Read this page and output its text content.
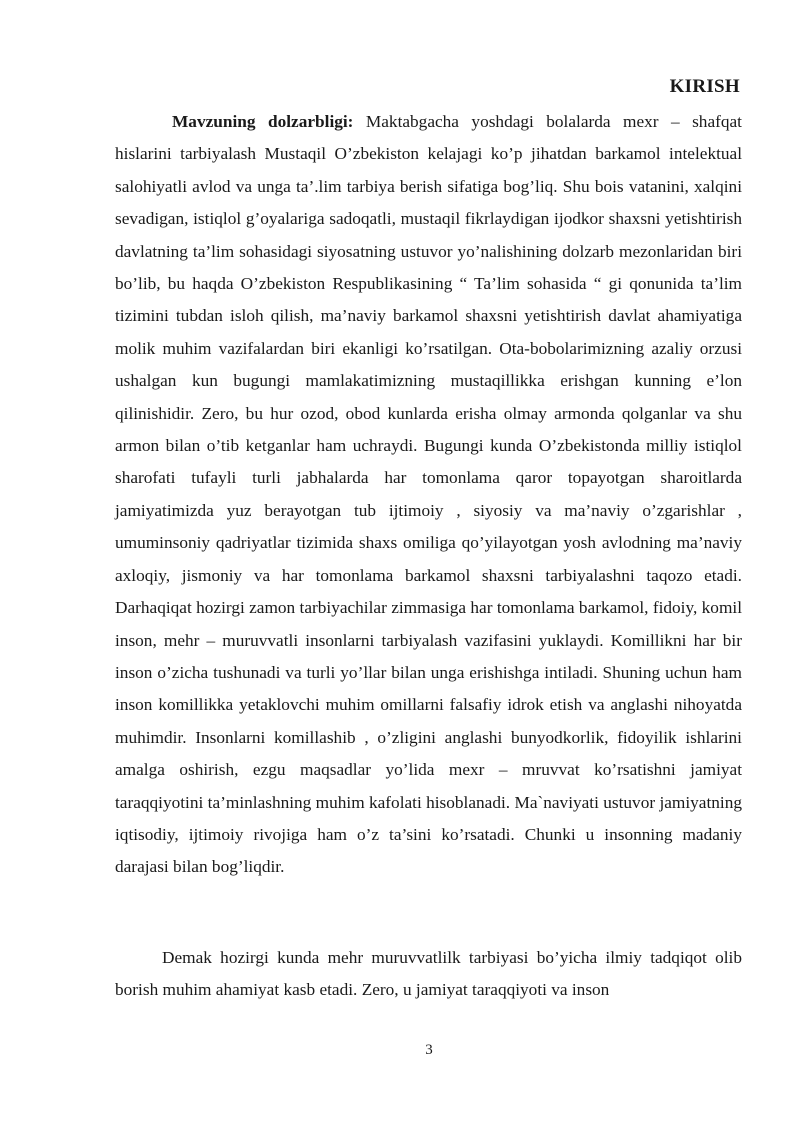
KIRISH

Mavzuning dolzarbligi: Maktabgacha yoshdagi bolalarda mexr – shafqat hislarini tarbiyalash Mustaqil O’zbekiston kelajagi ko’p jihatdan barkamol intelektual salohiyatli avlod va unga ta’.lim tarbiya berish sifatiga bog’liq. Shu bois vatanini, xalqini sevadigan, istiqlol g’oyalariga sadoqatli, mustaqil fikrlaydigan ijodkor shaxsni yetishtirish davlatning ta’lim sohasidagi siyosatning ustuvor yo’nalishining dolzarb mezonlaridan biri bo’lib, bu haqda O’zbekiston Respublikasining “ Ta’lim sohasida “ gi qonunida ta’lim tizimini tubdan isloh qilish, ma’naviy barkamol shaxsni yetishtirish davlat ahamiyatiga molik muhim vazifalardan biri ekanligi ko’rsatilgan. Ota-bobolarimizning azaliy orzusi ushalgan kun bugungi mamlakatimizning mustaqillikka erishgan kunning e’lon qilinishidir. Zero, bu hur ozod, obod kunlarda erisha olmay armonda qolganlar va shu armon bilan o’tib ketganlar ham uchraydi. Bugungi kunda O’zbekistonda milliy istiqlol sharofati tufayli turli jabhalarda har tomonlama qaror topayotgan sharoitlarda jamiyatimizda yuz berayotgan tub ijtimoiy , siyosiy va ma’naviy o’zgarishlar , umuminsoniy qadriyatlar tizimida shaxs omiliga qo’yilayotgan yosh avlodning ma’naviy axloqiy, jismoniy va har tomonlama barkamol shaxsni tarbiyalashni taqozo etadi. Darhaqiqat hozirgi zamon tarbiyachilar zimmasiga har tomonlama barkamol, fidoiy, komil inson, mehr – muruvvatli insonlarni tarbiyalash vazifasini yuklaydi. Komillikni har bir inson o’zicha tushunadi va turli yo’llar bilan unga erishishga intiladi. Shuning uchun ham inson komillikka yetaklovchi muhim omillarni falsafiy idrok etish va anglashi nihoyatda muhimdir. Insonlarni komillashib , o’zligini anglashi bunyodkorlik, fidoyilik ishlarini amalga oshirish, ezgu maqsadlar yo’lida mexr – mruvvat ko’rsatishni jamiyat taraqqiyotini ta’minlashning muhim kafolati hisoblanadi. Ma`naviyati ustuvor jamiyatning iqtisodiy, ijtimoiy rivojiga ham o’z ta’sini ko’rsatadi. Chunki u insonning madaniy darajasi bilan bog’liqdir.

Demak hozirgi kunda mehr muruvvatlilk tarbiyasi bo’yicha ilmiy tadqiqot olib borish muhim ahamiyat kasb etadi. Zero, u jamiyat taraqqiyoti va inson

3
